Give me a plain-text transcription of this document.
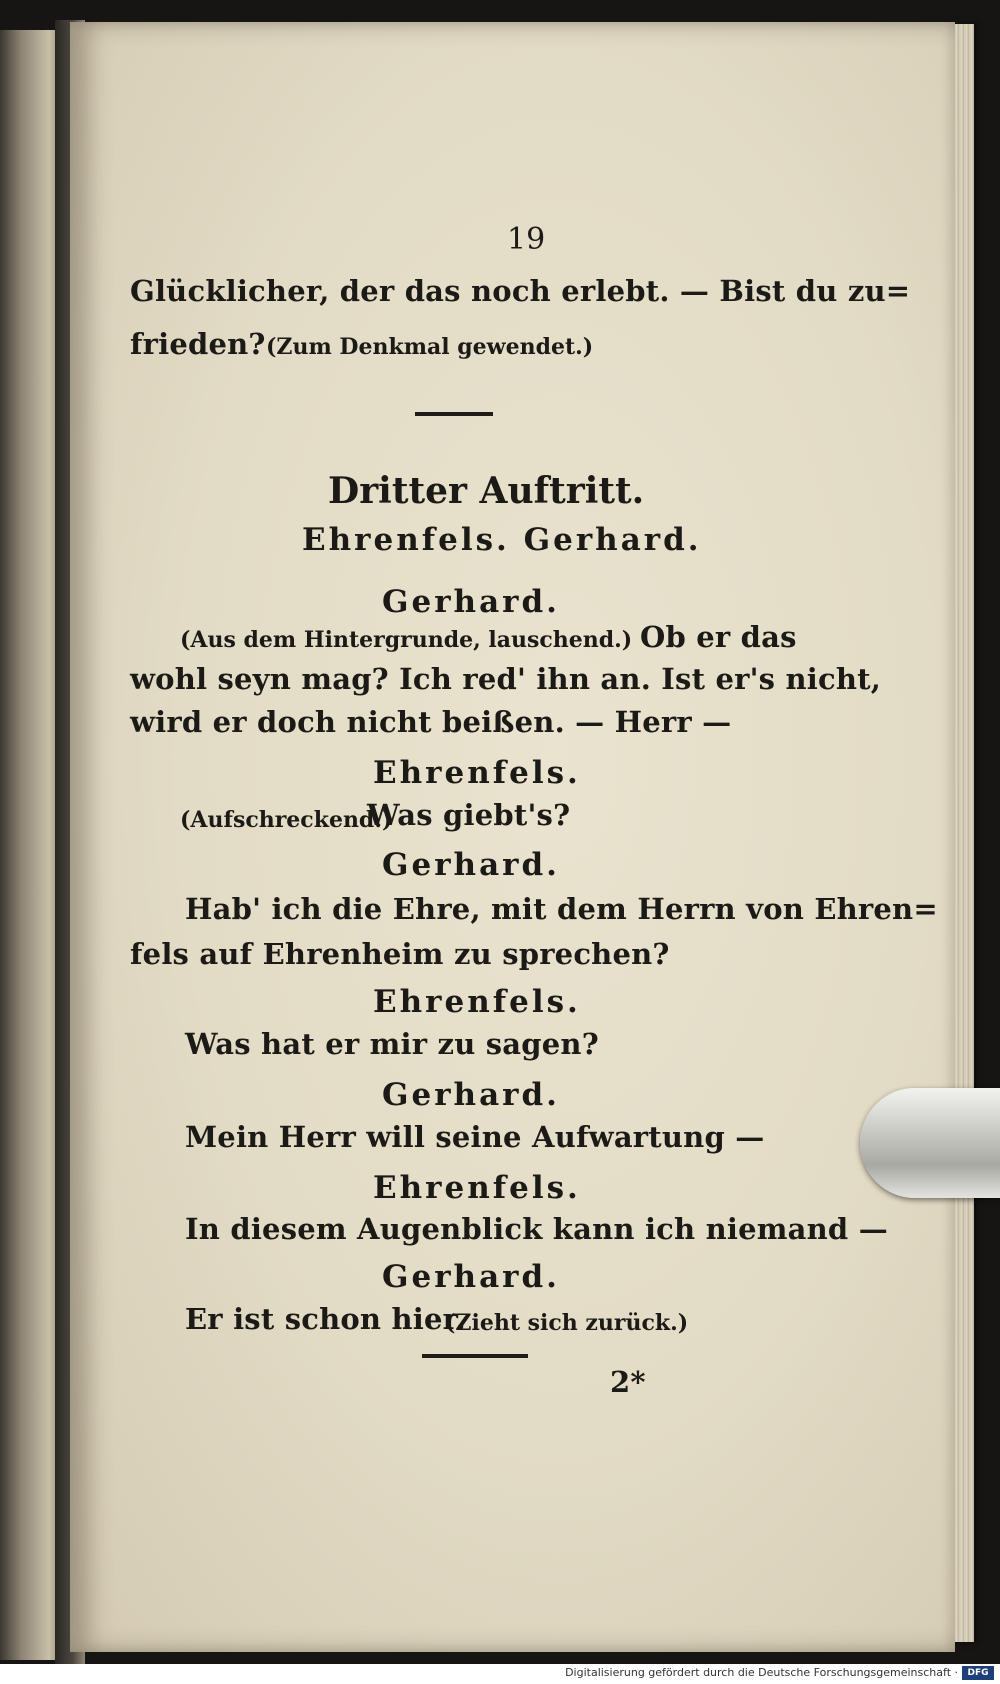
19
Glücklicher, der das noch erlebt. — Bist du zu=
frieden? (Zum Denkmal gewendet.)
Dritter Auftritt.
Ehrenfels. Gerhard.
Gerhard.
(Aus dem Hintergrunde, lauschend.) Ob er das
wohl seyn mag? Ich red' ihn an. Ist er's nicht,
wird er doch nicht beißen. — Herr —
Ehrenfels.
(Aufschreckend.)
Was giebt's?
Gerhard.
Hab' ich die Ehre, mit dem Herrn von Ehren=
fels auf Ehrenheim zu sprechen?
Ehrenfels.
Was hat er mir zu sagen?
Gerhard.
Mein Herr will seine Aufwartung —
Ehrenfels.
In diesem Augenblick kann ich niemand —
Gerhard.
Er ist schon hier.
(Zieht sich zurück.)
2*
Digitalisierung gefördert durch die Deutsche Forschungsgemeinschaft ·	DFG
